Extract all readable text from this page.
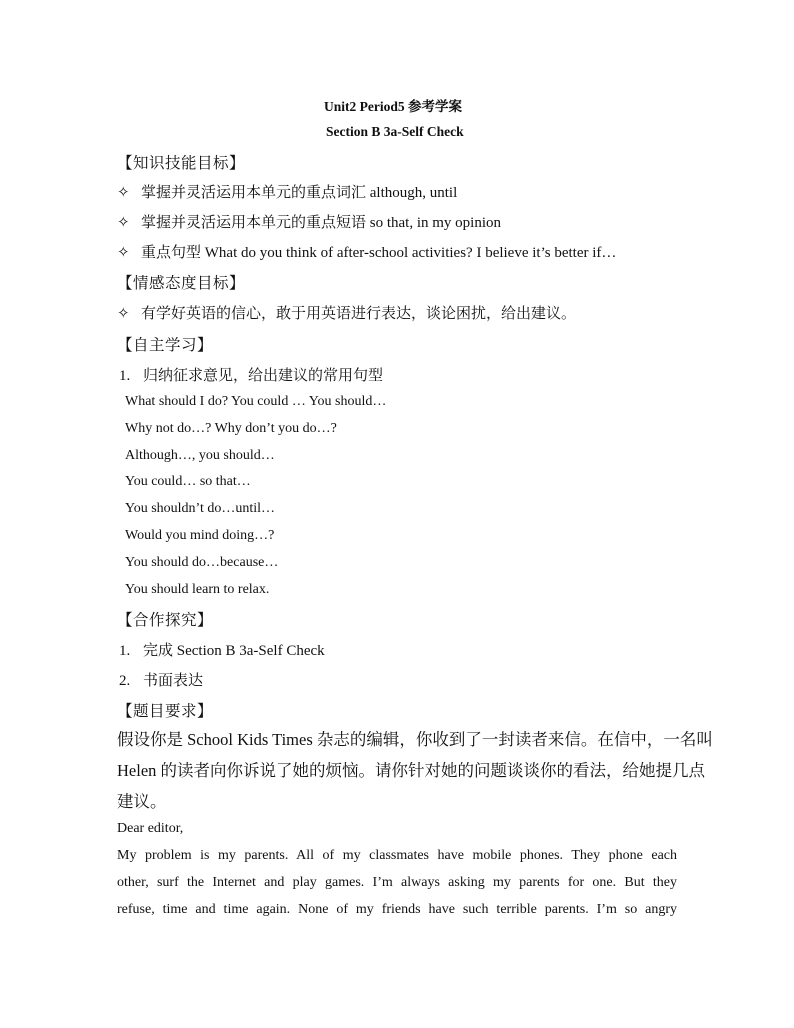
Unit2 Period5 参考学案
Section B 3a-Self Check
【知识技能目标】
✧ 掌握并灵活运用本单元的重点词汇 although, until
✧ 掌握并灵活运用本单元的重点短语 so that, in my opinion
✧ 重点句型 What do you think of after-school activities? I believe it’s better if…
【情感态度目标】
✧ 有学好英语的信心，敢于用英语进行表达，谈论困扰，给出建议。
【自主学习】
1. 归纳征求意见，给出建议的常用句型
What should I do? You could … You should…
Why not do…? Why don’t you do…?
Although…, you should…
You could… so that…
You shouldn’t do…until…
Would you mind doing…?
You should do…because…
You should learn to relax.
【合作探究】
1. 完成 Section B 3a-Self Check
2. 书面表达
【题目要求】
假设你是 School Kids Times 杂志的编辑，你收到了一封读者来信。在信中，一名叫
Helen 的读者向你诉说了她的烦恼。请你针对她的问题谈谈你的看法，给她提几点
建议。
Dear editor,
My problem is my parents. All of my classmates have mobile phones. They phone each
other, surf the Internet and play games. I’m always asking my parents for one. But they
refuse, time and time again. None of my friends have such terrible parents. I’m so angry
